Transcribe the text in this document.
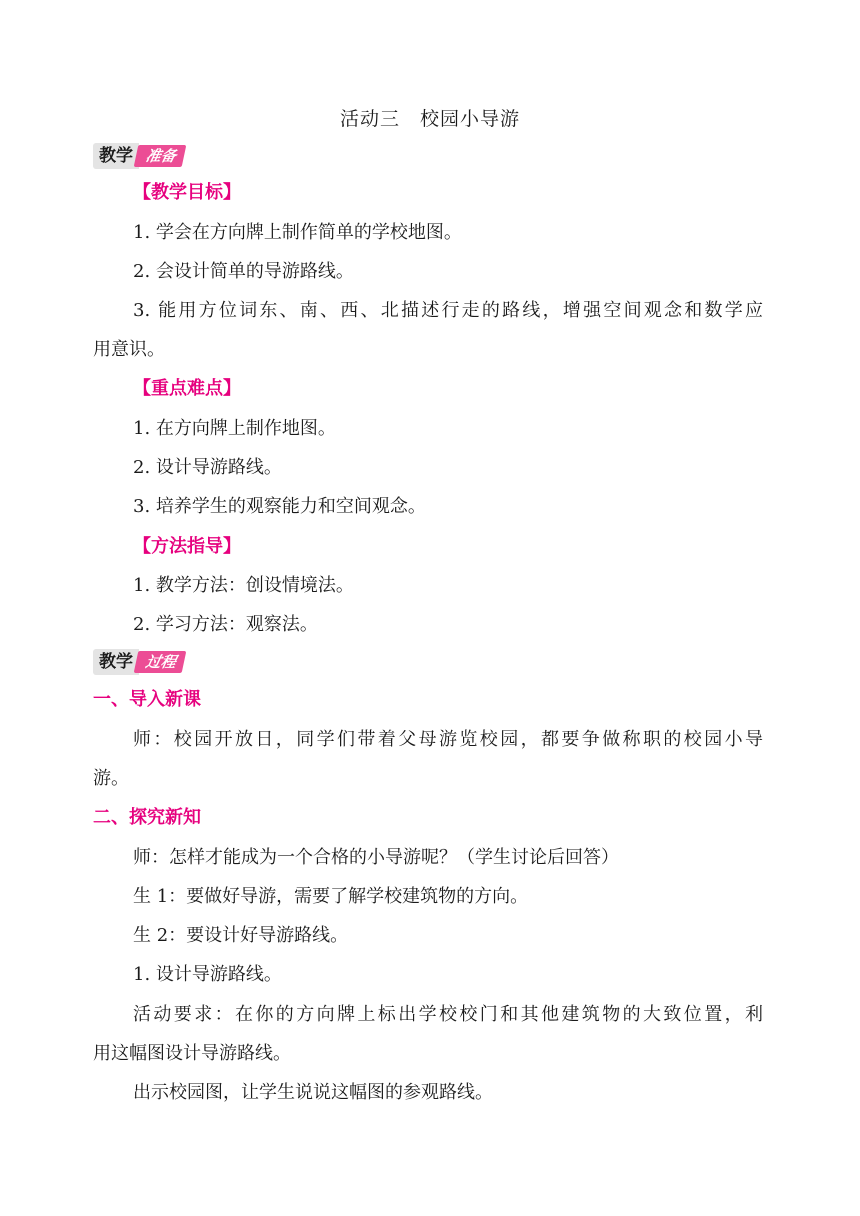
活动三　校园小导游
教学 准备
【教学目标】
1. 学会在方向牌上制作简单的学校地图。
2. 会设计简单的导游路线。
3. 能用方位词东、南、西、北描述行走的路线，增强空间观念和数学应
用意识。
【重点难点】
1. 在方向牌上制作地图。
2. 设计导游路线。
3. 培养学生的观察能力和空间观念。
【方法指导】
1. 教学方法：创设情境法。
2. 学习方法：观察法。
教学 过程
一、导入新课
师：校园开放日，同学们带着父母游览校园，都要争做称职的校园小导
游。
二、探究新知
师：怎样才能成为一个合格的小导游呢？（学生讨论后回答）
生 1：要做好导游，需要了解学校建筑物的方向。
生 2：要设计好导游路线。
1. 设计导游路线。
活动要求：在你的方向牌上标出学校校门和其他建筑物的大致位置，利
用这幅图设计导游路线。
出示校园图，让学生说说这幅图的参观路线。
